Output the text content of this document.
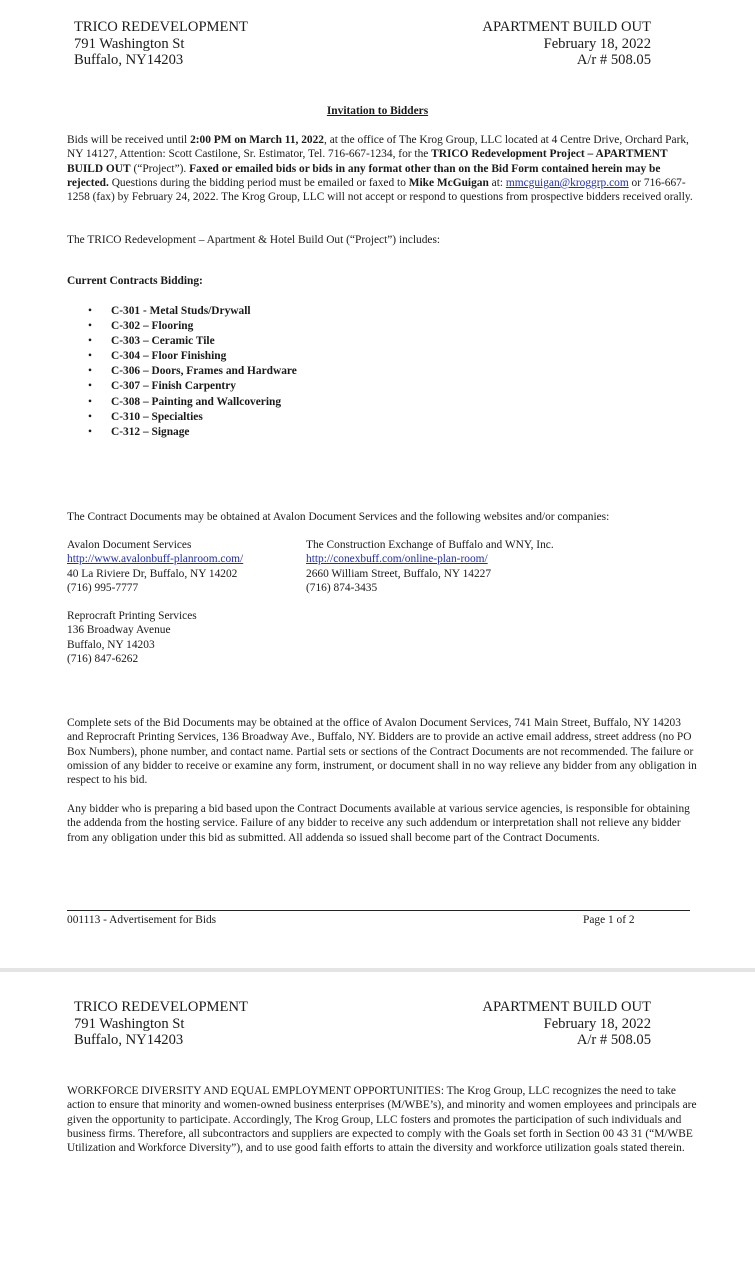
TRICO REDEVELOPMENT
791 Washington St
Buffalo, NY14203
APARTMENT BUILD OUT
February 18, 2022
A/r # 508.05
Invitation to Bidders

Bids will be received until 2:00 PM on March 11, 2022, at the office of The Krog Group, LLC located at 4 Centre Drive, Orchard Park, NY 14127, Attention: Scott Castilone, Sr. Estimator, Tel. 716-667-1234, for the TRICO Redevelopment Project – APARTMENT BUILD OUT (“Project”). Faxed or emailed bids or bids in any format other than on the Bid Form contained herein may be rejected. Questions during the bidding period must be emailed or faxed to Mike McGuigan at: mmcguigan@kroggrp.com or 716-667-1258 (fax) by February 24, 2022. The Krog Group, LLC will not accept or respond to questions from prospective bidders received orally.

The TRICO Redevelopment – Apartment & Hotel Build Out (“Project”) includes:
Current Contracts Bidding:
• C-301 - Metal Studs/Drywall
• C-302 – Flooring
• C-303 – Ceramic Tile
• C-304 – Floor Finishing
• C-306 – Doors, Frames and Hardware
• C-307 – Finish Carpentry
• C-308 – Painting and Wallcovering
• C-310 – Specialties
• C-312 – Signage
The Contract Documents may be obtained at Avalon Document Services and the following websites and/or companies:
Avalon Document Services
http://www.avalonbuff-planroom.com/
40 La Riviere Dr, Buffalo, NY 14202
(716) 995-7777
The Construction Exchange of Buffalo and WNY, Inc.
http://conexbuff.com/online-plan-room/
2660 William Street, Buffalo, NY 14227
(716) 874-3435
Reprocraft Printing Services
136 Broadway Avenue
Buffalo, NY 14203
(716) 847-6262
Complete sets of the Bid Documents may be obtained at the office of Avalon Document Services, 741 Main Street, Buffalo, NY 14203 and Reprocraft Printing Services, 136 Broadway Ave., Buffalo, NY. Bidders are to provide an active email address, street address (no PO Box Numbers), phone number, and contact name. Partial sets or sections of the Contract Documents are not recommended. The failure or omission of any bidder to receive or examine any form, instrument, or document shall in no way relieve any bidder from any obligation in respect to his bid.
Any bidder who is preparing a bid based upon the Contract Documents available at various service agencies, is responsible for obtaining the addenda from the hosting service. Failure of any bidder to receive any such addendum or interpretation shall not relieve any bidder from any obligation under this bid as submitted. All addenda so issued shall become part of the Contract Documents.
001113 - Advertisement for Bids	Page 1 of 2
TRICO REDEVELOPMENT
791 Washington St
Buffalo, NY14203
APARTMENT BUILD OUT
February 18, 2022
A/r # 508.05
WORKFORCE DIVERSITY AND EQUAL EMPLOYMENT OPPORTUNITIES: The Krog Group, LLC recognizes the need to take action to ensure that minority and women-owned business enterprises (M/WBE’s), and minority and women employees and principals are given the opportunity to participate. Accordingly, The Krog Group, LLC fosters and promotes the participation of such individuals and business firms. Therefore, all subcontractors and suppliers are expected to comply with the Goals set forth in Section 00 43 31 (“M/WBE Utilization and Workforce Diversity”), and to use good faith efforts to attain the diversity and workforce utilization goals stated therein.
